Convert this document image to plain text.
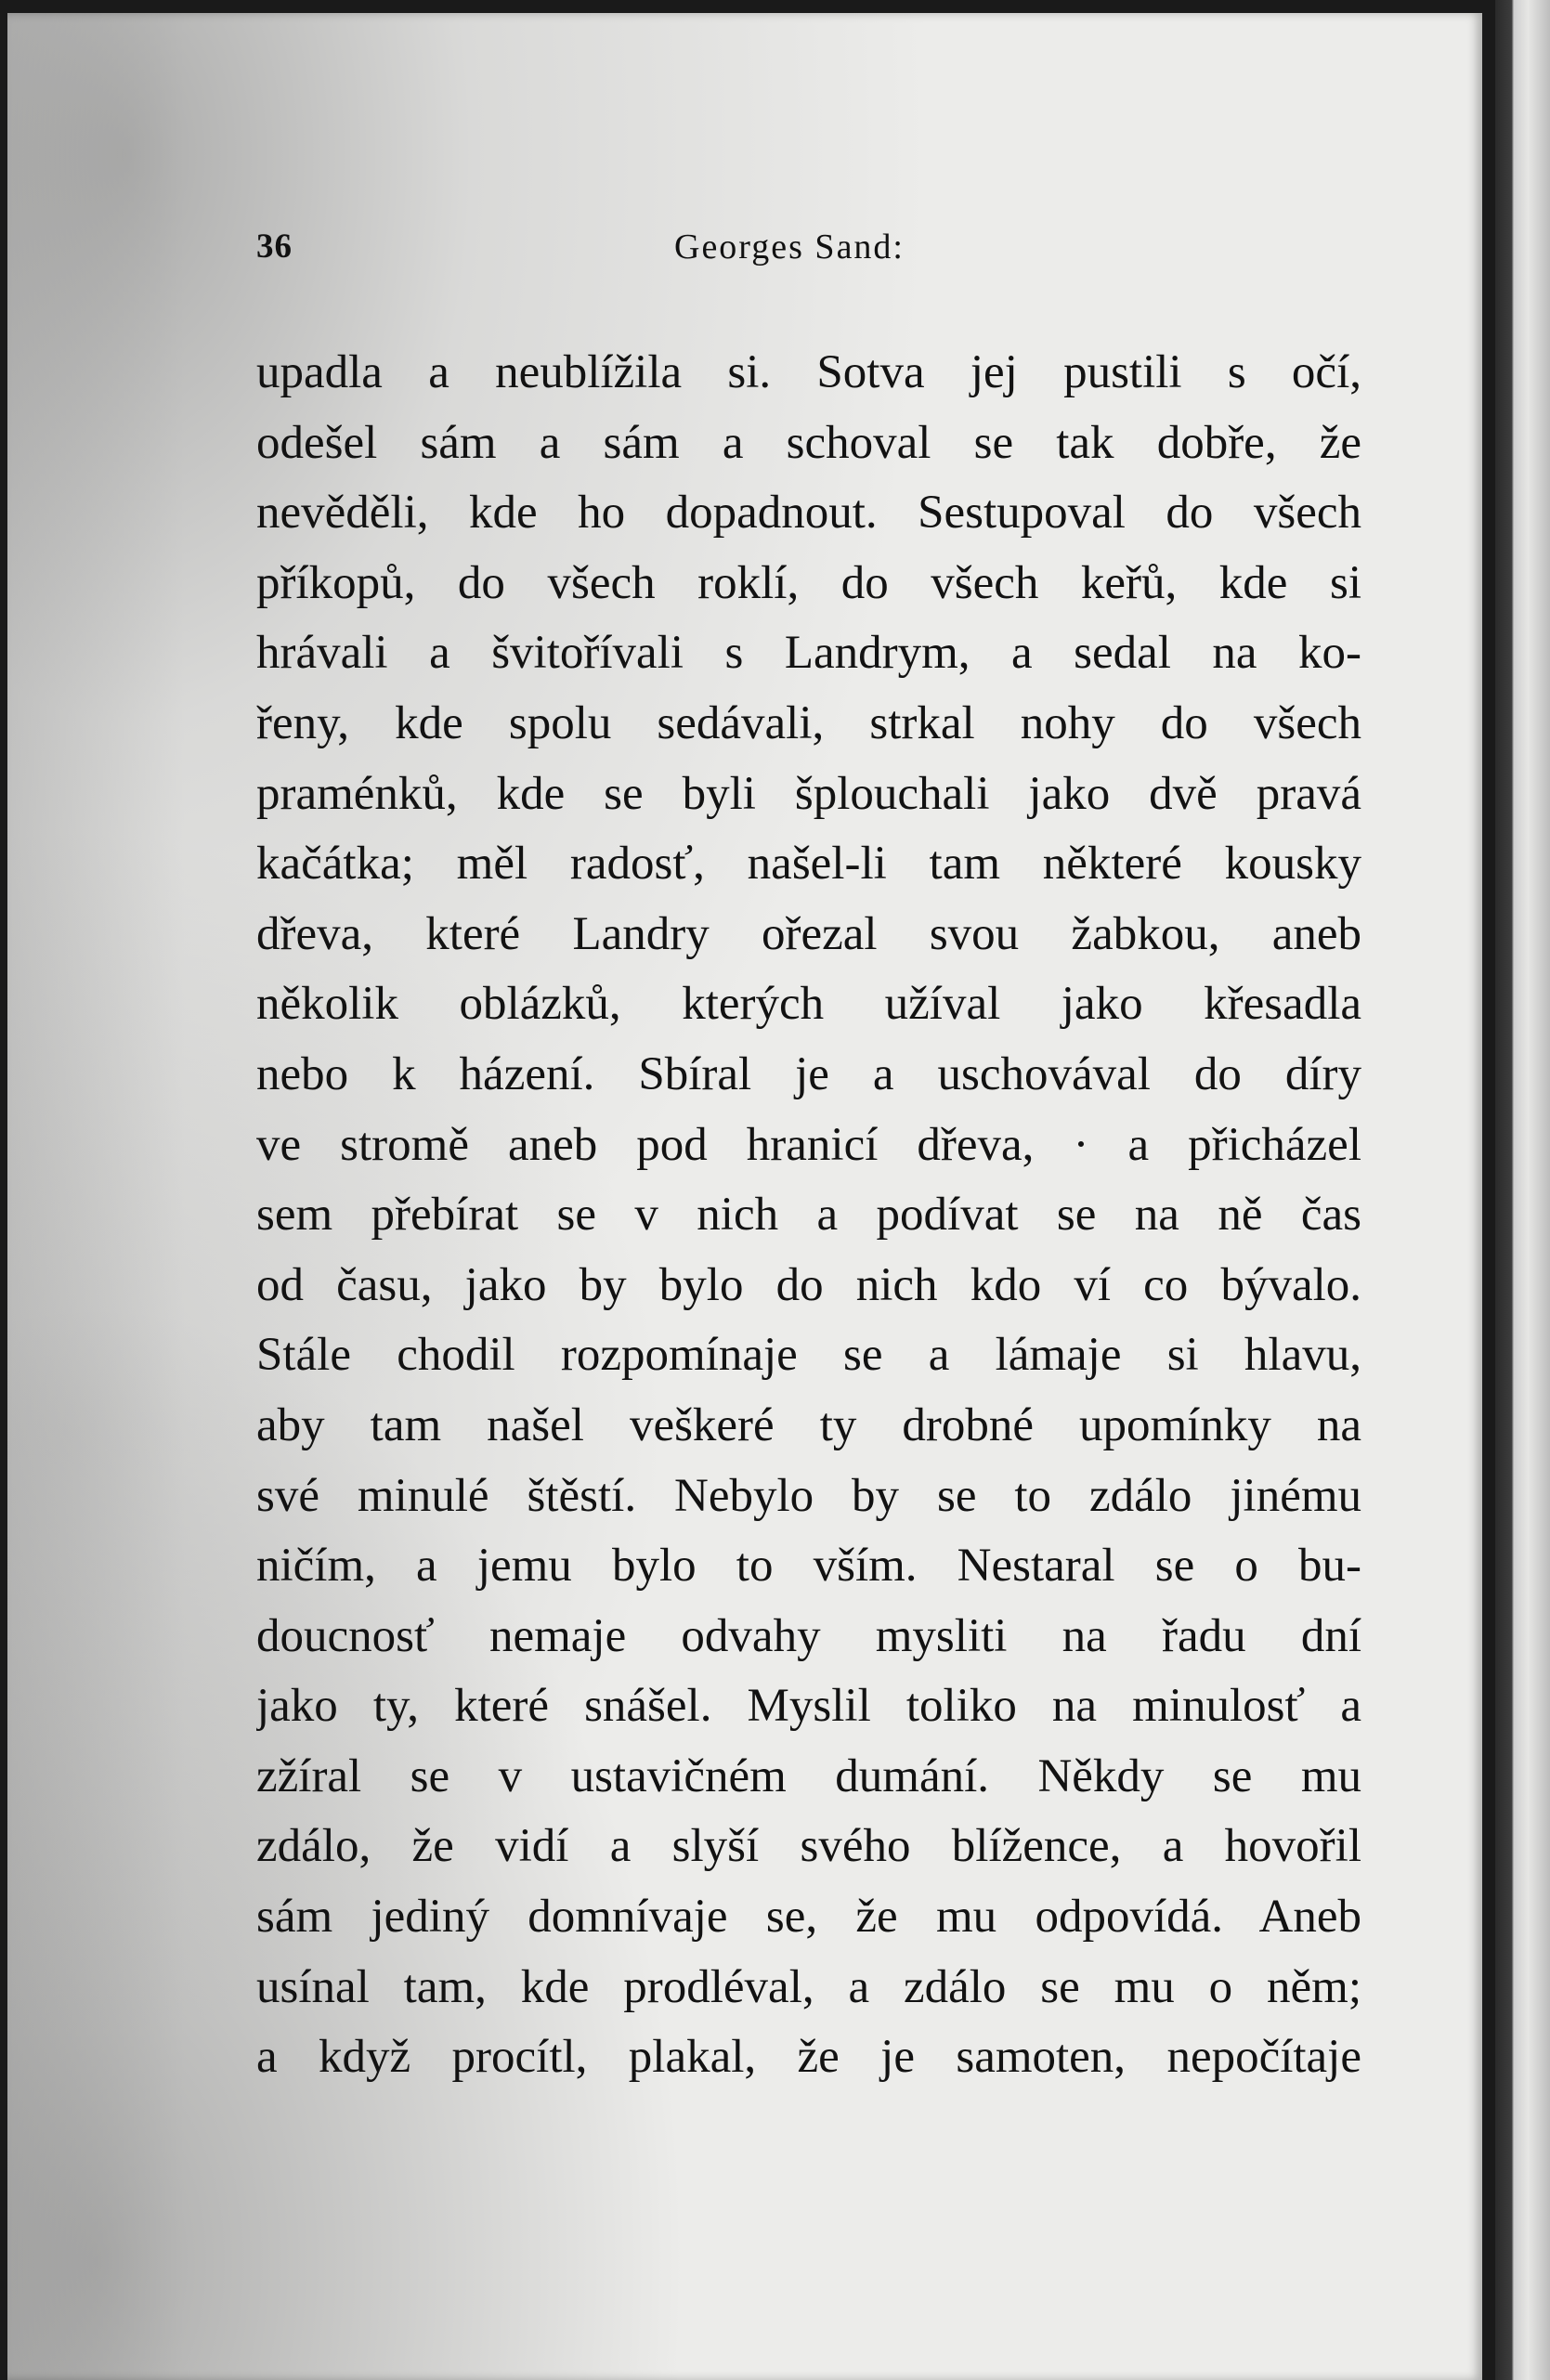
36	Georges Sand:
upadla a neublížila si. Sotva jej pustili s očí,
odešel sám a sám a schoval se tak dobře, že
nevěděli, kde ho dopadnout. Sestupoval do všech
příkopů, do všech roklí, do všech keřů, kde si
hrávali a švitořívali s Landrym, a sedal na ko-
řeny, kde spolu sedávali, strkal nohy do všech
praménků, kde se byli šplouchali jako dvě pravá
kačátka; měl radosť, našel-li tam některé kousky
dřeva, které Landry ořezal svou žabkou, aneb
několik oblázků, kterých užíval jako křesadla
nebo k házení. Sbíral je a uschovával do díry
ve stromě aneb pod hranicí dřeva, · a přicházel
sem přebírat se v nich a podívat se na ně čas
od času, jako by bylo do nich kdo ví co bývalo.
Stále chodil rozpomínaje se a lámaje si hlavu,
aby tam našel veškeré ty drobné upomínky na
své minulé štěstí. Nebylo by se to zdálo jinému
ničím, a jemu bylo to vším. Nestaral se o bu-
doucnosť nemaje odvahy mysliti na řadu dní
jako ty, které snášel. Myslil toliko na minulosť a
zžíral se v ustavičném dumání. Někdy se mu
zdálo, že vidí a slyší svého blížence, a hovořil
sám jediný domnívaje se, že mu odpovídá. Aneb
usínal tam, kde prodléval, a zdálo se mu o něm;
a když procítl, plakal, že je samoten, nepočítaje
